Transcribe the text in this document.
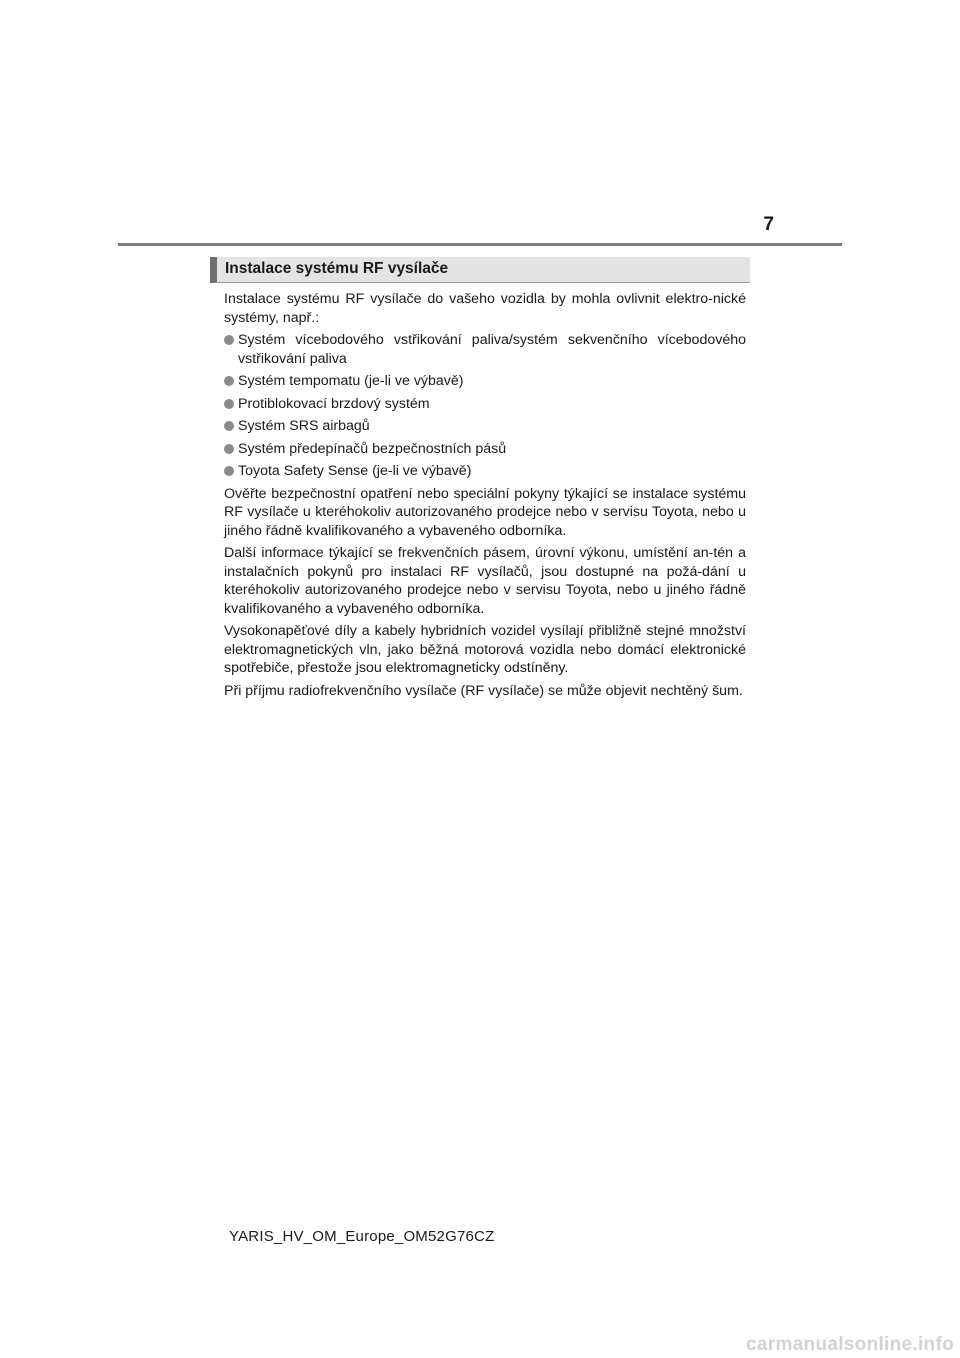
7
Instalace systému RF vysílače

Instalace systému RF vysílače do vašeho vozidla by mohla ovlivnit elektro-nické systémy, např.:

Systém vícebodového vstřikování paliva/systém sekvenčního vícebodového vstřikování paliva
Systém tempomatu (je-li ve výbavě)
Protiblokovací brzdový systém
Systém SRS airbagů
Systém předepínačů bezpečnostních pásů
Toyota Safety Sense (je-li ve výbavě)

Ověřte bezpečnostní opatření nebo speciální pokyny týkající se instalace systému RF vysílače u kteréhokoliv autorizovaného prodejce nebo v servisu Toyota, nebo u jiného řádně kvalifikovaného a vybaveného odborníka.

Další informace týkající se frekvenčních pásem, úrovní výkonu, umístění an-tén a instalačních pokynů pro instalaci RF vysílačů, jsou dostupné na požá-dání u kteréhokoliv autorizovaného prodejce nebo v servisu Toyota, nebo u jiného řádně kvalifikovaného a vybaveného odborníka.

Vysokonapěťové díly a kabely hybridních vozidel vysílají přibližně stejné množství elektromagnetických vln, jako běžná motorová vozidla nebo domácí elektronické spotřebiče, přestože jsou elektromagneticky odstíněny.

Při příjmu radiofrekvenčního vysílače (RF vysílače) se může objevit nechtěný šum.

YARIS_HV_OM_Europe_OM52G76CZ
carmanualsonline.info
